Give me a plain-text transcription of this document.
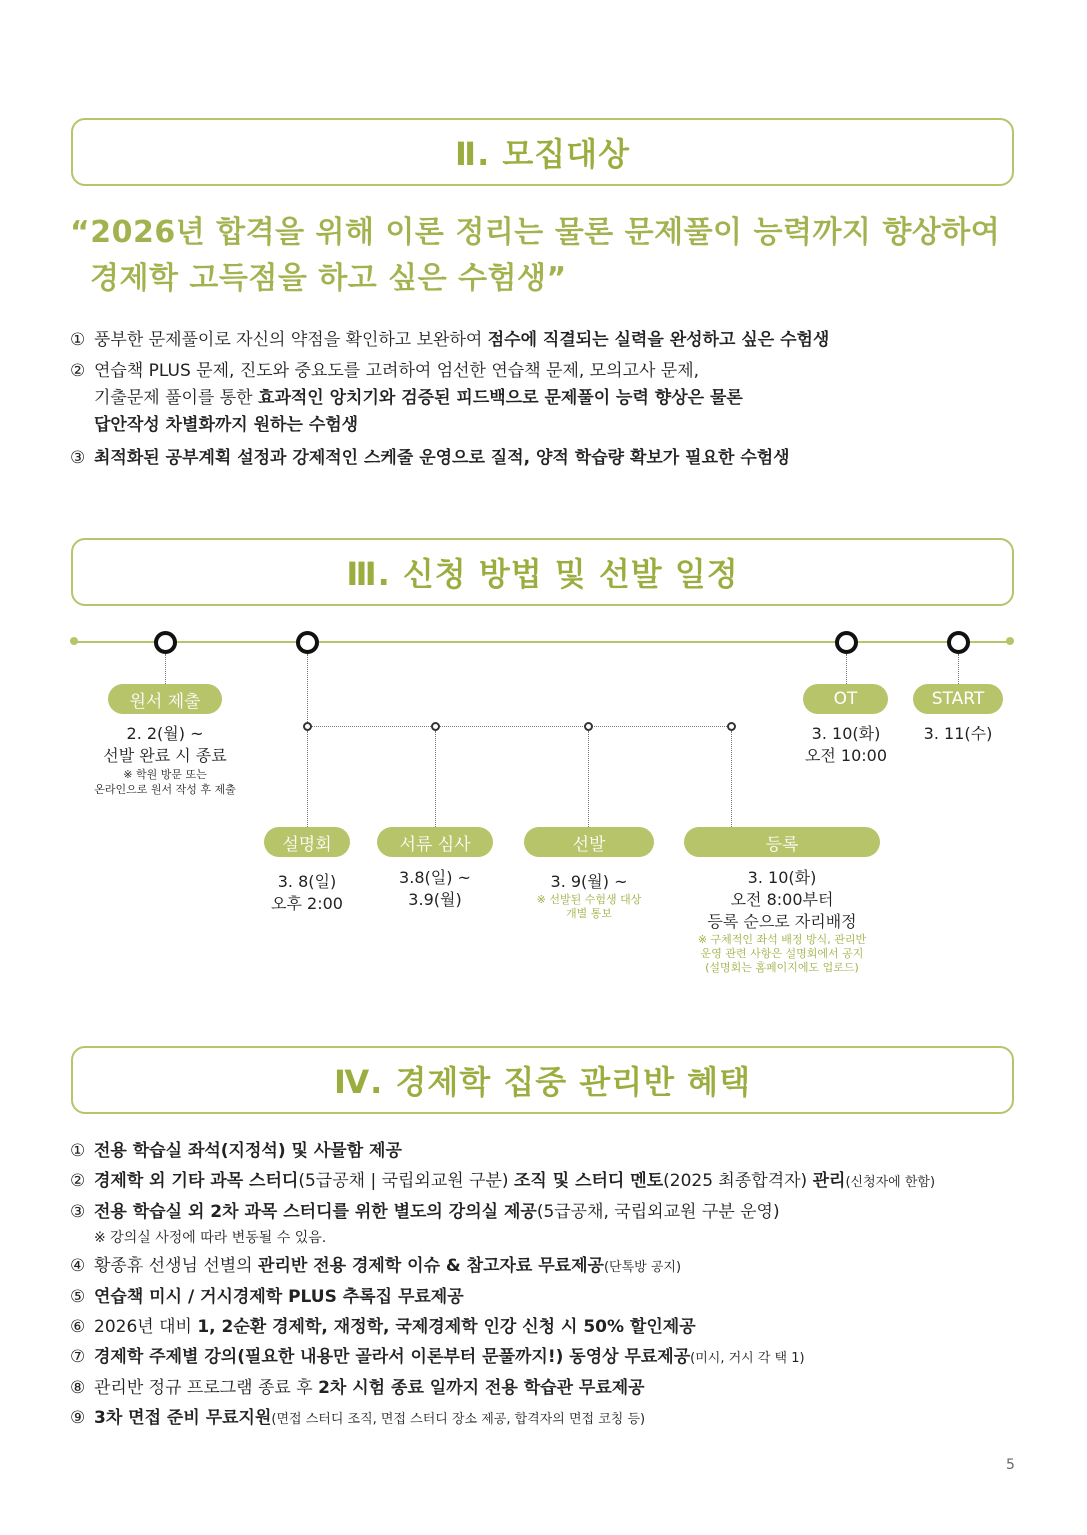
Ⅱ. 모집대상
“2026년 합격을 위해 이론 정리는 물론 문제풀이 능력까지 향상하여
경제학 고득점을 하고 싶은 수험생”
① 풍부한 문제풀이로 자신의 약점을 확인하고 보완하여 점수에 직결되는 실력을 완성하고 싶은 수험생
② 연습책 PLUS 문제, 진도와 중요도를 고려하여 엄선한 연습책 문제, 모의고사 문제,
기출문제 풀이를 통한 효과적인 앙치기와 검증된 피드백으로 문제풀이 능력 향상은 물론
답안작성 차별화까지 원하는 수험생
③ 최적화된 공부계획 설정과 강제적인 스케줄 운영으로 질적, 양적 학습량 확보가 필요한 수험생
Ⅲ. 신청 방법 및 선발 일정
원서 제출
2. 2(월) ~
선발 완료 시 종료
※ 학원 방문 또는
온라인으로 원서 작성 후 제출
OT
3. 10(화)
오전 10:00
START
3. 11(수)
설명회
3. 8(일)
오후 2:00
서류 심사
3.8(일) ~
3.9(월)
선발
3. 9(월) ~
※ 선발된 수험생 대상
개별 통보
등록
3. 10(화)
오전 8:00부터
등록 순으로 자리배정
※ 구체적인 좌석 배정 방식, 관리반
운영 관련 사항은 설명회에서 공지
(설명회는 홈페이지에도 업로드)
Ⅳ. 경제학 집중 관리반 혜택
① 전용 학습실 좌석(지정석) 및 사물함 제공
② 경제학 외 기타 과목 스터디(5급공채 | 국립외교원 구분) 조직 및 스터디 멘토(2025 최종합격자) 관리(신청자에 한함)
③ 전용 학습실 외 2차 과목 스터디를 위한 별도의 강의실 제공(5급공채, 국립외교원 구분 운영)
※ 강의실 사정에 따라 변동될 수 있음.
④ 황종휴 선생님 선별의 관리반 전용 경제학 이슈 & 참고자료 무료제공(단톡방 공지)
⑤ 연습책 미시 / 거시경제학 PLUS 추록집 무료제공
⑥ 2026년 대비 1, 2순환 경제학, 재정학, 국제경제학 인강 신청 시 50% 할인제공
⑦ 경제학 주제별 강의(필요한 내용만 골라서 이론부터 문풀까지!) 동영상 무료제공(미시, 거시 각 택 1)
⑧ 관리반 정규 프로그램 종료 후 2차 시험 종료 일까지 전용 학습관 무료제공
⑨ 3차 면접 준비 무료지원(면접 스터디 조직, 면접 스터디 장소 제공, 합격자의 면접 코칭 등)
5
